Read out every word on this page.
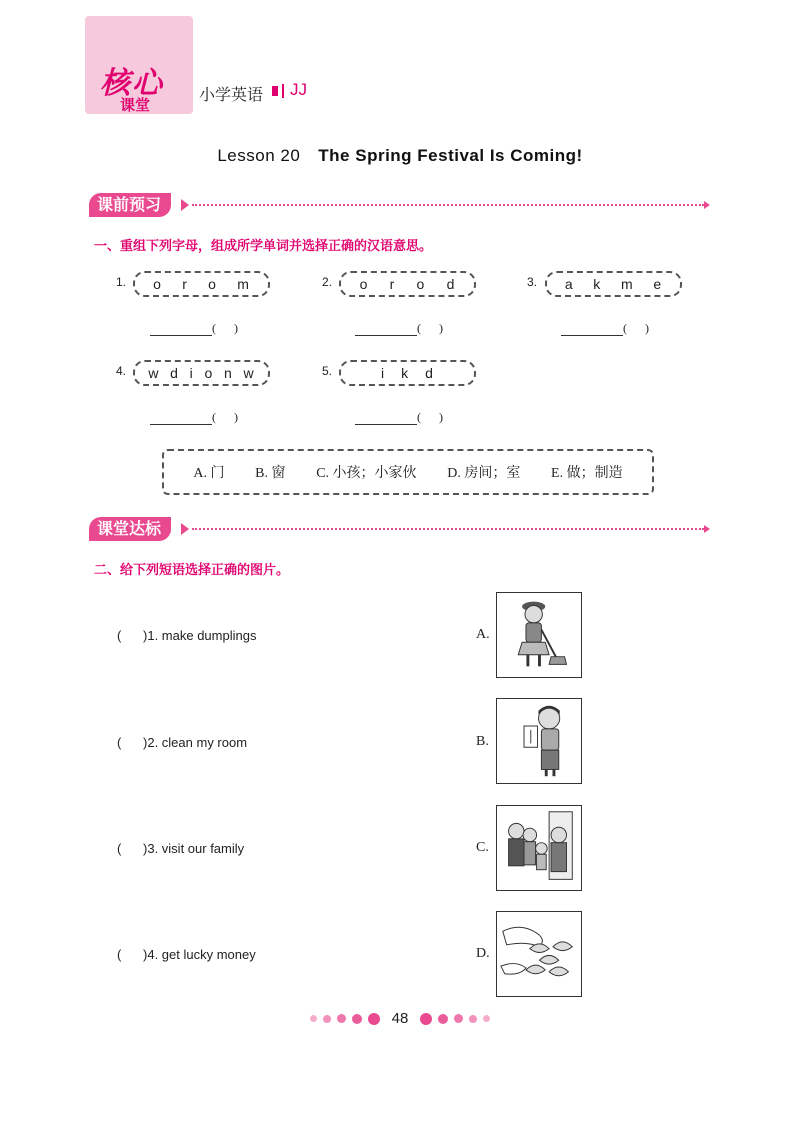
核心
课堂
小学英语 JJ
Lesson 20 The Spring Festival Is Coming!
课前预习
一、重组下列字母，组成所学单词并选择正确的汉语意思。
1. o r o m	2. o r o d	3. a k m e
(      )	(      )	(      )
4. w d i o n w	5.	i k d
(      )	(      )
A. 门 B. 窗 C. 小孩；小家伙 D. 房间；室 E. 做；制造
课堂达标
二、给下列短语选择正确的图片。
(      )1. make dumplings
(      )2. clean my room
(      )3. visit our family
(      )4. get lucky money
A.
B.
C.
D.
48
